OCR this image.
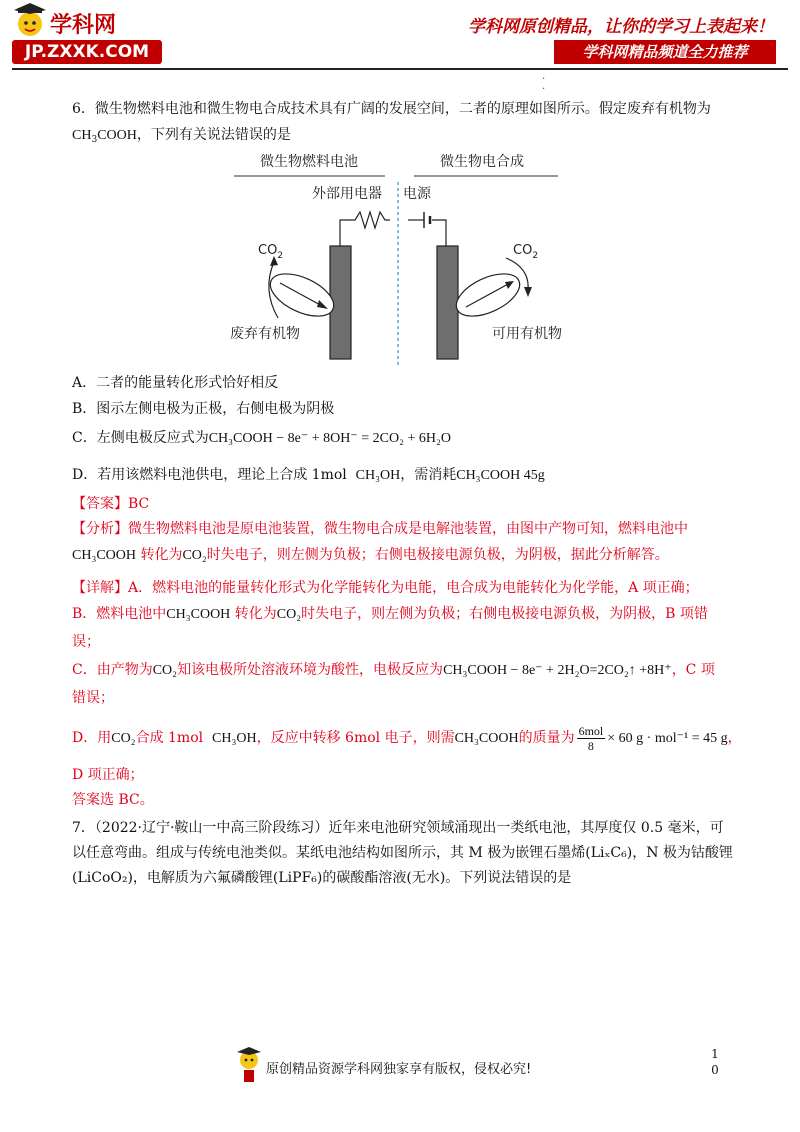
学科网
JP.ZXXK.COM
学科网原创精品，让你的学习上表起来！
学科网精品频道全力推荐
.
.
6．微生物燃料电池和微生物电合成技术具有广阔的发展空间，二者的原理如图所示。假定废弃有机物为
$CH_3COOH$，下列有关说法错误的是
微生物燃料电池	微生物电合成
外部用电器 电源
$CO_2$
废弃有机物
$CO_2$
可用有机物
A．二者的能量转化形式恰好相反
B．图示左侧电极为正极，右侧电极为阴极
C．左侧电极反应式为CH₃COOH − 8e⁻ + 8OH⁻ = 2CO₂ + 6H₂O
D．若用该燃料电池供电，理论上合成 1mol CH₃OH，需消耗CH₃COOH 45g
【答案】BC
【分析】微生物燃料电池是原电池装置，微生物电合成是电解池装置，由图中产物可知，燃料电池中
CH₃COOH 转化为CO₂时失电子，则左侧为负极；右侧电极接电源负极，为阴极，据此分析解答。
【详解】A．燃料电池的能量转化形式为化学能转化为电能，电合成为电能转化为化学能，A 项正确；
B．燃料电池中CH₃COOH 转化为CO₂时失电子，则左侧为负极；右侧电极接电源负极，为阴极，B 项错
误；
C．由产物为CO₂知该电极所处溶液环境为酸性，电极反应为CH₃COOH − 8e⁻ + 2H₂O=2CO₂↑ +8H⁺，C 项
错误；
D．用CO₂合成 1mol CH₃OH，反应中转移 6mol 电子，则需CH₃COOH的质量为 $\frac{\text{6mol}}{8} \times 60$ g · mol⁻¹ = 45 g，
D 项正确；
答案选 BC。
7．（2022·辽宁·鞍山一中高三阶段练习）近年来电池研究领域涌现出一类纸电池，其厚度仅 0.5 毫米，可
以任意弯曲。组成与传统电池类似。某纸电池结构如图所示，其 M 极为嵌锂石墨烯(LiₓC₆)，N 极为钴酸锂
(LiCoO₂)，电解质为六氟磷酸锂(LiPF₆)的碳酸酯溶液(无水)。下列说法错误的是
原创精品资源学科网独家享有版权，侵权必究!
1
0
